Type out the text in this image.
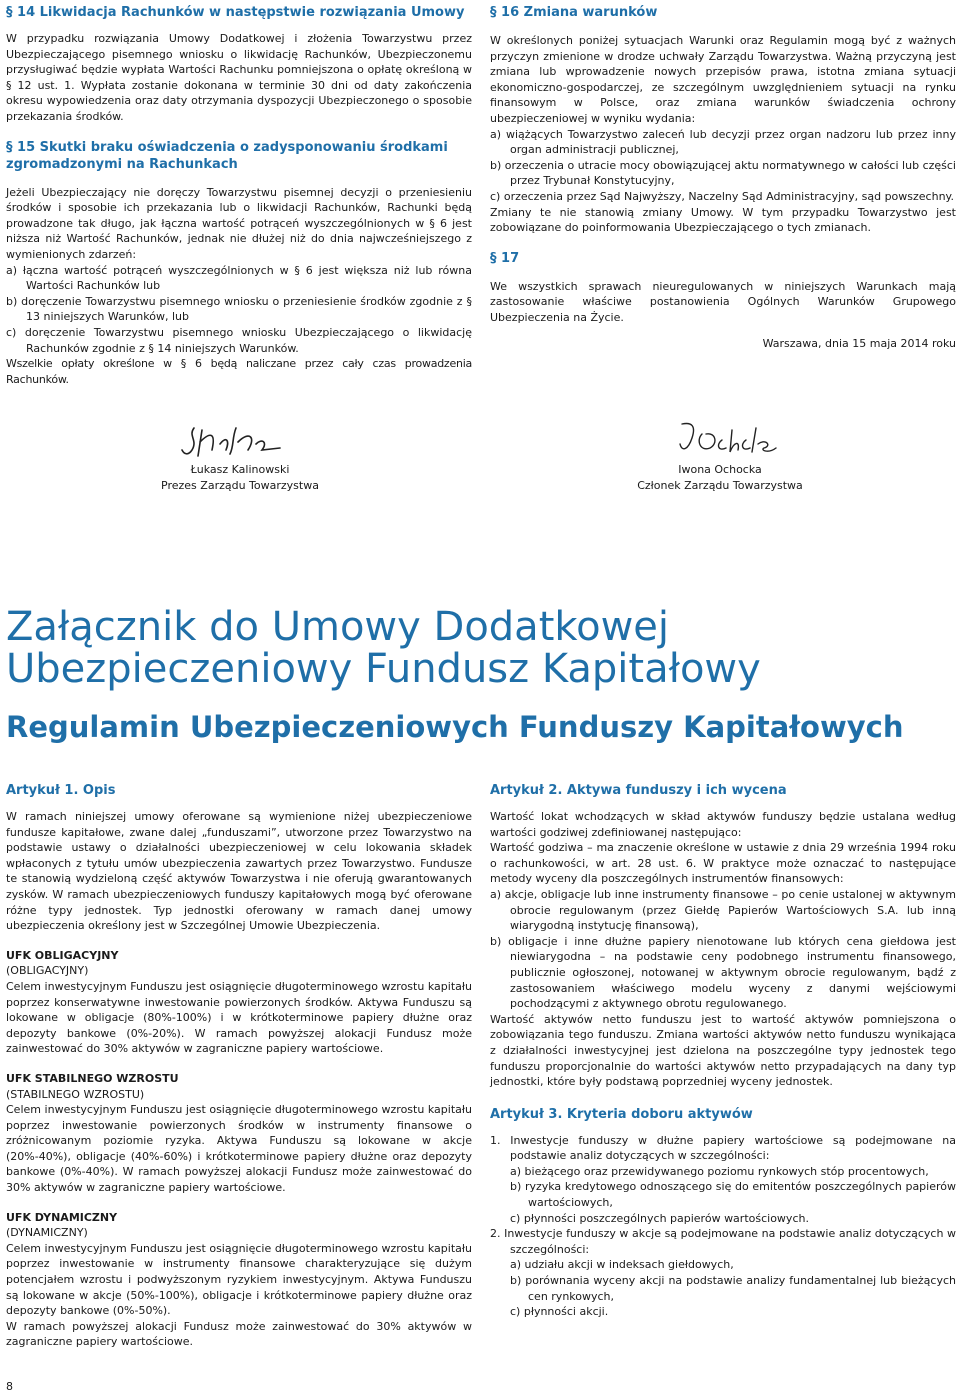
§ 14 Likwidacja Rachunków w następstwie rozwiązania Umowy

W przypadku rozwiązania Umowy Dodatkowej i złożenia Towarzystwu przez Ubezpieczającego pisemnego wniosku o likwidację Rachunków, Ubezpieczonemu przysługiwać będzie wypłata Wartości Rachunku pomniejszona o opłatę określoną w § 12 ust. 1. Wypłata zostanie dokonana w terminie 30 dni od daty zakończenia okresu wypowiedzenia oraz daty otrzymania dyspozycji Ubezpieczonego o sposobie przekazania środków.

§ 15 Skutki braku oświadczenia o zadysponowaniu środkami
zgromadzonymi na Rachunkach

Jeżeli Ubezpieczający nie doręczy Towarzystwu pisemnej decyzji o przeniesieniu środków i sposobie ich przekazania lub o likwidacji Rachunków, Rachunki będą prowadzone tak długo, jak łączna wartość potrąceń wyszczególnionych w § 6 jest niższa niż Wartość Rachunków, jednak nie dłużej niż do dnia najwcześniejszego z wymienionych zdarzeń:

a) łączna wartość potrąceń wyszczególnionych w § 6 jest większa niż lub równa Wartości Rachunków lub
b) doręczenie Towarzystwu pisemnego wniosku o przeniesienie środków zgodnie z § 13 niniejszych Warunków, lub
c) doręczenie Towarzystwu pisemnego wniosku Ubezpieczającego o likwidację Rachunków zgodnie z § 14 niniejszych Warunków.

Wszelkie opłaty określone w § 6 będą naliczane przez cały czas prowadzenia Rachunków.

§ 16 Zmiana warunków

W określonych poniżej sytuacjach Warunki oraz Regulamin mogą być z ważnych przyczyn zmienione w drodze uchwały Zarządu Towarzystwa. Ważną przyczyną jest zmiana lub wprowadzenie nowych przepisów prawa, istotna zmiana sytuacji ekonomiczno-gospodarczej, ze szczególnym uwzględnieniem sytuacji na rynku finansowym w Polsce, oraz zmiana warunków świadczenia ochrony ubezpieczeniowej w wyniku wydania:

a) wiążących Towarzystwo zaleceń lub decyzji przez organ nadzoru lub przez inny organ administracji publicznej,
b) orzeczenia o utracie mocy obowiązującej aktu normatywnego w całości lub części przez Trybunał Konstytucyjny,
c) orzeczenia przez Sąd Najwyższy, Naczelny Sąd Administracyjny, sąd powszechny.

Zmiany te nie stanowią zmiany Umowy. W tym przypadku Towarzystwo jest zobowiązane do poinformowania Ubezpieczającego o tych zmianach.

§ 17

We wszystkich sprawach nieuregulowanych w niniejszych Warunkach mają zastosowanie właściwe postanowienia Ogólnych Warunków Grupowego Ubezpieczenia na Życie.

Warszawa, dnia 15 maja 2014 roku

Łukasz Kalinowski
Prezes Zarządu Towarzystwa
Iwona Ochocka
Członek Zarządu Towarzystwa
Załącznik do Umowy Dodatkowej
Ubezpieczeniowy Fundusz Kapitałowy
Regulamin Ubezpieczeniowych Funduszy Kapitałowych
Artykuł 1. Opis

W ramach niniejszej umowy oferowane są wymienione niżej ubezpieczeniowe fundusze kapitałowe, zwane dalej „funduszami”, utworzone przez Towarzystwo na podstawie ustawy o działalności ubezpieczeniowej w celu lokowania składek wpłaconych z tytułu umów ubezpieczenia zawartych przez Towarzystwo. Fundusze te stanowią wydzieloną część aktywów Towarzystwa i nie oferują gwarantowanych zysków. W ramach ubezpieczeniowych funduszy kapitałowych mogą być oferowane różne typy jednostek. Typ jednostki oferowany w ramach danej umowy ubezpieczenia określony jest w Szczególnej Umowie Ubezpieczenia.

UFK OBLIGACYJNY

(OBLIGACYJNY)

Celem inwestycyjnym Funduszu jest osiągnięcie długoterminowego wzrostu kapitału poprzez konserwatywne inwestowanie powierzonych środków. Aktywa Funduszu są lokowane w obligacje (80%-100%) i w krótkoterminowe papiery dłużne oraz depozyty bankowe (0%-20%). W ramach powyższej alokacji Fundusz może zainwestować do 30% aktywów w zagraniczne papiery wartościowe.

UFK STABILNEGO WZROSTU

(STABILNEGO WZROSTU)

Celem inwestycyjnym Funduszu jest osiągnięcie długoterminowego wzrostu kapitału poprzez inwestowanie powierzonych środków w instrumenty finansowe o zróżnicowanym poziomie ryzyka. Aktywa Funduszu są lokowane w akcje (20%-40%), obligacje (40%-60%) i krótkoterminowe papiery dłużne oraz depozyty bankowe (0%-40%). W ramach powyższej alokacji Fundusz może zainwestować do 30% aktywów w zagraniczne papiery wartościowe.

UFK DYNAMICZNY

(DYNAMICZNY)

Celem inwestycyjnym Funduszu jest osiągnięcie długoterminowego wzrostu kapitału poprzez inwestowanie w instrumenty finansowe charakteryzujące się dużym potencjałem wzrostu i podwyższonym ryzykiem inwestycyjnym. Aktywa Funduszu są lokowane w akcje (50%-100%), obligacje i krótkoterminowe papiery dłużne oraz depozyty bankowe (0%-50%).

W ramach powyższej alokacji Fundusz może zainwestować do 30% aktywów w zagraniczne papiery wartościowe.

Artykuł 2. Aktywa funduszy i ich wycena

Wartość lokat wchodzących w skład aktywów funduszy będzie ustalana według wartości godziwej zdefiniowanej następująco:

Wartość godziwa – ma znaczenie określone w ustawie z dnia 29 września 1994 roku o rachunkowości, w art. 28 ust. 6. W praktyce może oznaczać to następujące metody wyceny dla poszczególnych instrumentów finansowych:

a) akcje, obligacje lub inne instrumenty finansowe – po cenie ustalonej w aktywnym obrocie regulowanym (przez Giełdę Papierów Wartościowych S.A. lub inną wiarygodną instytucję finansową),
b) obligacje i inne dłużne papiery nienotowane lub których cena giełdowa jest niewiarygodna – na podstawie ceny podobnego instrumentu finansowego, publicznie ogłoszonej, notowanej w aktywnym obrocie regulowanym, bądź z zastosowaniem właściwego modelu wyceny z danymi wejściowymi pochodzącymi z aktywnego obrotu regulowanego.

Wartość aktywów netto funduszu jest to wartość aktywów pomniejszona o zobowiązania tego funduszu. Zmiana wartości aktywów netto funduszu wynikająca z działalności inwestycyjnej jest dzielona na poszczególne typy jednostek tego funduszu proporcjonalnie do wartości aktywów netto przypadających na dany typ jednostki, które były podstawą poprzedniej wyceny jednostek.

Artykuł 3. Kryteria doboru aktywów
1. Inwestycje funduszy w dłużne papiery wartościowe są podejmowane na podstawie analiz dotyczących w szczególności:
a) bieżącego oraz przewidywanego poziomu rynkowych stóp procentowych,
b) ryzyka kredytowego odnoszącego się do emitentów poszczególnych papierów wartościowych,
c) płynności poszczególnych papierów wartościowych.
2. Inwestycje funduszy w akcje są podejmowane na podstawie analiz dotyczących w szczególności:
a) udziału akcji w indeksach giełdowych,
b) porównania wyceny akcji na podstawie analizy fundamentalnej lub bieżących cen rynkowych,
c) płynności akcji.
8
